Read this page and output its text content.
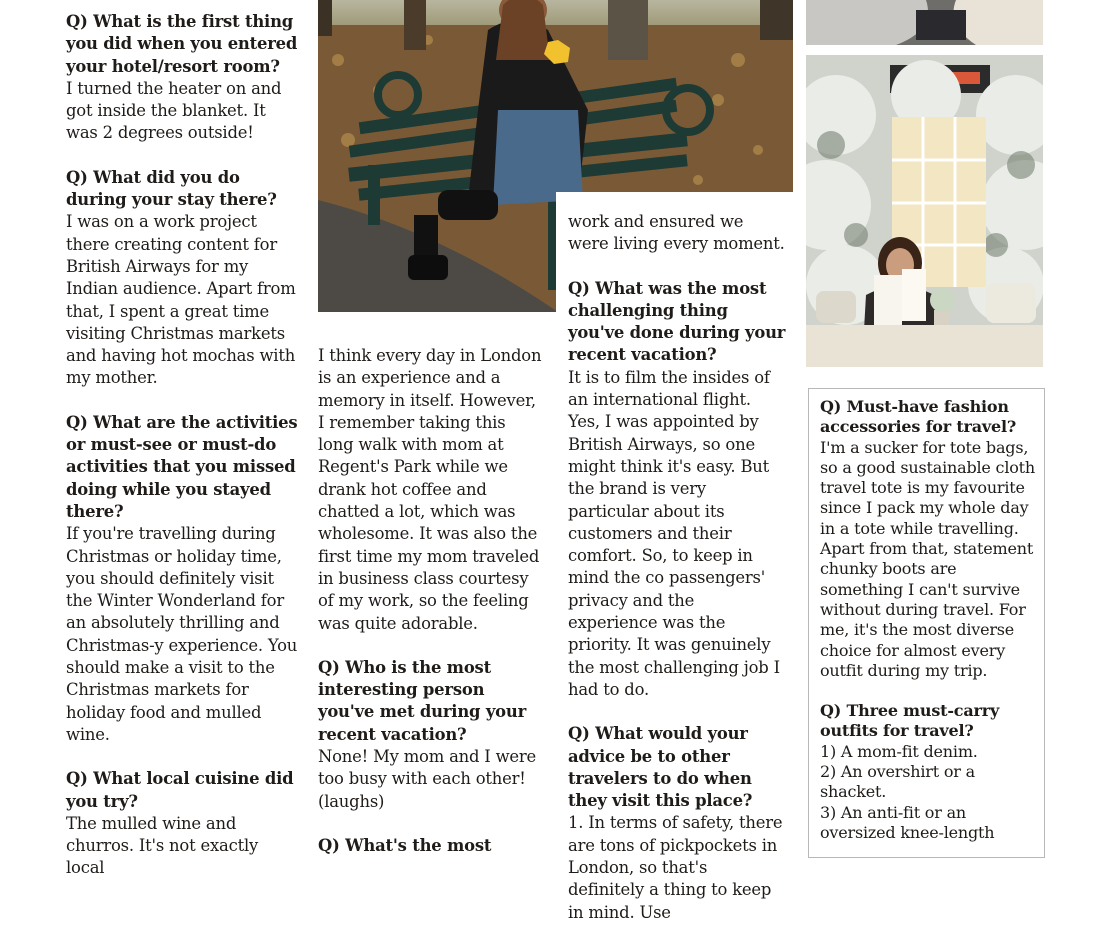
Q) What is the first thing you did when you entered your hotel/resort room?
I turned the heater on and got inside the blanket. It was 2 degrees outside!

Q) What did you do during your stay there?
I was on a work project there creating content for British Airways for my Indian audience. Apart from that, I spent a great time visiting Christmas markets and having hot mochas with my mother.

Q) What are the activities or must-see or must-do activities that you missed doing while you stayed there?
If you're travelling during Christmas or holiday time, you should definitely visit the Winter Wonderland for an absolutely thrilling and Christmas-y experience. You should make a visit to the Christmas markets for holiday food and mulled wine.

Q) What local cuisine did you try?
The mulled wine and churros. It's not exactly local

I think every day in London is an experience and a memory in itself. However, I remember taking this long walk with mom at Regent's Park while we drank hot coffee and chatted a lot, which was wholesome. It was also the first time my mom traveled in business class courtesy of my work, so the feeling was quite adorable.

Q) Who is the most interesting person you've met during your recent vacation?
None! My mom and I were too busy with each other! (laughs)

Q) What's the most

work and ensured we were living every moment.

Q) What was the most challenging thing you've done during your recent vacation?
It is to film the insides of an international flight. Yes, I was appointed by British Airways, so one might think it's easy. But the brand is very particular about its customers and their comfort. So, to keep in mind the co passengers' privacy and the experience was the priority. It was genuinely the most challenging job I had to do.

Q) What would your advice be to other travelers to do when they visit this place?
1. In terms of safety, there are tons of pickpockets in London, so that's definitely a thing to keep in mind. Use

Q) Must-have fashion accessories for travel?
I'm a sucker for tote bags, so a good sustainable cloth travel tote is my favourite since I pack my whole day in a tote while travelling. Apart from that, statement chunky boots are something I can't survive without during travel. For me, it's the most diverse choice for almost every outfit during my trip.

Q) Three must-carry outfits for travel?
1) A mom-fit denim.
2) An overshirt or a shacket.
3) An anti-fit or an oversized knee-length
